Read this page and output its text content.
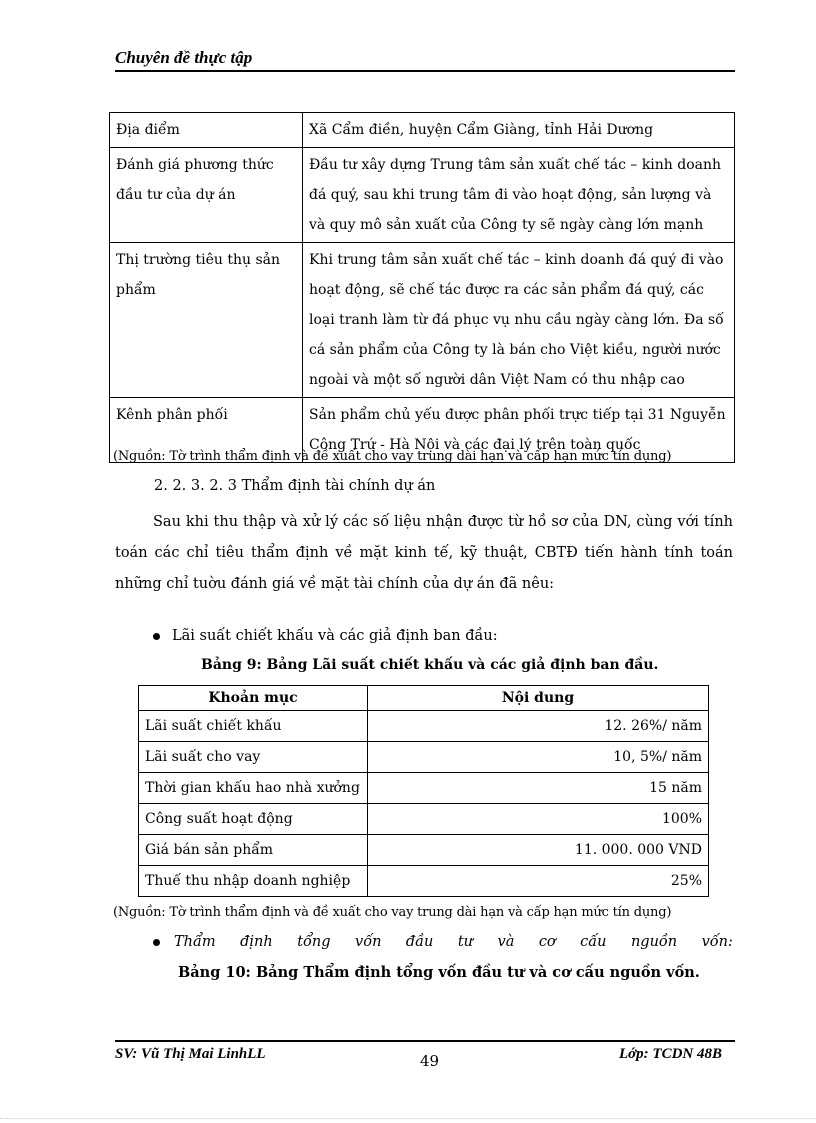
Chuyên đề thực tập
Địa điểm	Xã Cẩm điền, huyện Cẩm Giàng, tỉnh Hải Dương
Đánh giá phương thức đầu tư của dự án	Đầu tư xây dựng Trung tâm sản xuất chế tác – kinh doanh đá quý, sau khi trung tâm đi vào hoạt động, sản lượng và và quy mô sản xuất của Công ty sẽ ngày càng lớn mạnh
Thị trường tiêu thụ sản phẩm	Khi trung tâm sản xuất chế tác – kinh doanh đá quý đi vào hoạt động, sẽ chế tác được ra các sản phẩm đá quý, các loại tranh làm từ đá phục vụ nhu cầu ngày càng lớn. Đa số cá sản phẩm của Công ty là bán cho Việt kiều, người nước ngoài và một số người dân Việt Nam có thu nhập cao
Kênh phân phối	Sản phẩm chủ yếu được phân phối trực tiếp tại 31 Nguyễn Công Trứ - Hà Nội và các đại lý trên toàn quốc
(Nguồn: Tờ trình thẩm định và đề xuất cho vay trung dài hạn và cấp hạn mức tín dụng)
2. 2. 3. 2. 3 Thẩm định tài chính dự án
Sau khi thu thập và xử lý các số liệu nhận được từ hồ sơ của DN, cùng với tính toán các chỉ tiêu thẩm định về mặt kinh tế, kỹ thuật, CBTĐ tiến hành tính toán những chỉ tuờu đánh giá về mặt tài chính của dự án đã nêu:
Lãi suất chiết khấu và các giả định ban đầu:
Bảng 9: Bảng Lãi suất chiết khấu và các giả định ban đầu.
Khoản mục	Nội dung
Lãi suất chiết khấu	12. 26%/ năm
Lãi suất cho vay	10, 5%/ năm
Thời gian khấu hao nhà xưởng	15 năm
Công suất hoạt động	100%
Giá bán sản phẩm	11. 000. 000 VND
Thuế thu nhập doanh nghiệp	25%
(Nguồn: Tờ trình thẩm định và đề xuất cho vay trung dài hạn và cấp hạn mức tín dụng)
Thẩm định tổng vốn đầu tư và cơ cấu nguồn vốn:
Bảng 10: Bảng Thẩm định tổng vốn đầu tư và cơ cấu nguồn vốn.
SV: Vũ Thị Mai LinhLL	49	Lớp: TCDN 48B
